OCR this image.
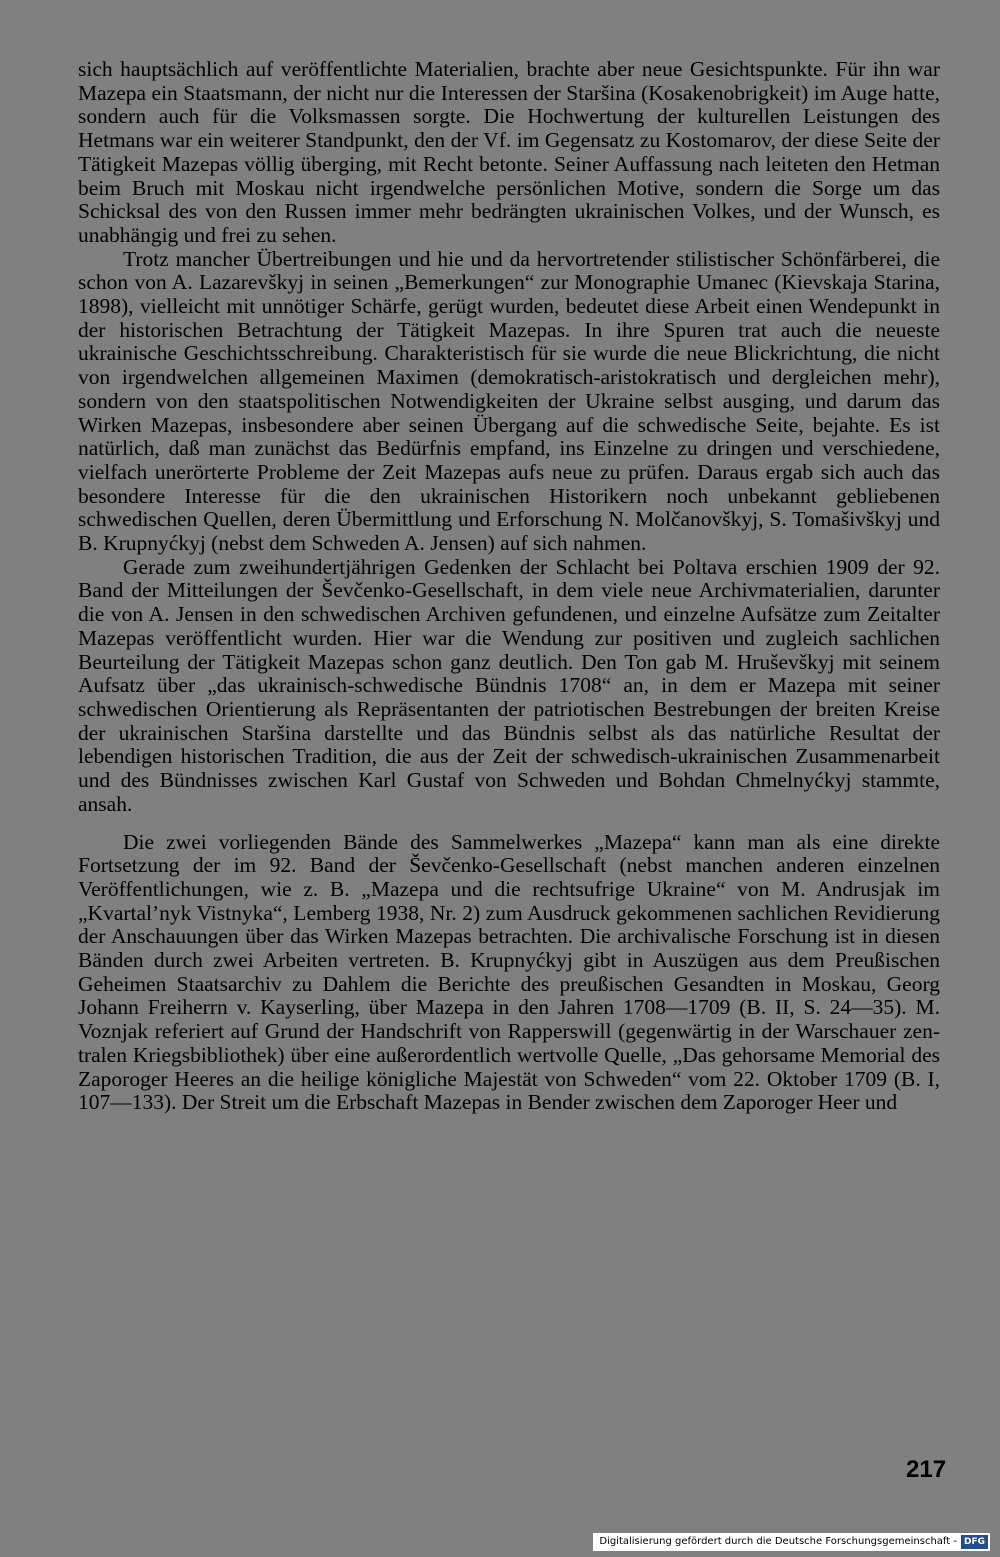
sich hauptsächlich auf veröffentlichte Materialien, brachte aber neue Gesichtspunkte. Für ihn war Mazepa ein Staatsmann, der nicht nur die Interessen der Staršina (Kosakenobrigkeit) im Auge hatte, sondern auch für die Volksmassen sorgte. Die Hochwertung der kulturellen Leistungen des Hetmans war ein weiterer Standpunkt, den der Vf. im Gegensatz zu Kostomarov, der diese Seite der Tätigkeit Mazepas völlig überging, mit Recht betonte. Seiner Auffassung nach leiteten den Hetman beim Bruch mit Moskau nicht irgendwelche persönlichen Motive, sondern die Sorge um das Schicksal des von den Russen immer mehr bedrängten ukrainischen Volkes, und der Wunsch, es unabhängig und frei zu sehen.

Trotz mancher Übertreibungen und hie und da hervortretender stilistischer Schönfärberei, die schon von A. Lazarevškyj in seinen „Bemerkungen“ zur Monographie Umanec (Kievskaja Starina, 1898), vielleicht mit unnötiger Schärfe, gerügt wurden, bedeutet diese Arbeit einen Wendepunkt in der historischen Betrachtung der Tätigkeit Mazepas. In ihre Spuren trat auch die neueste ukrainische Geschichtsschreibung. Charakteristisch für sie wurde die neue Blickrichtung, die nicht von irgendwelchen allgemeinen Maximen (demokratisch-aristokratisch und dergleichen mehr), sondern von den staatspolitischen Notwendigkeiten der Ukraine selbst ausging, und darum das Wirken Mazepas, insbesondere aber seinen Übergang auf die schwedische Seite, bejahte. Es ist natürlich, daß man zunächst das Bedürfnis empfand, ins Einzelne zu dringen und verschiedene, vielfach unerörterte Probleme der Zeit Mazepas aufs neue zu prüfen. Daraus ergab sich auch das besondere Interesse für die den ukrainischen Historikern noch unbekannt gebliebenen schwedischen Quellen, deren Übermittlung und Erforschung N. Molčanovškyj, S. Tomašivškyj und B. Krupnyćkyj (nebst dem Schweden A. Jensen) auf sich nahmen.

Gerade zum zweihundertjährigen Gedenken der Schlacht bei Poltava erschien 1909 der 92. Band der Mitteilungen der Ševčenko-Gesellschaft, in dem viele neue Archivmaterialien, darunter die von A. Jensen in den schwedischen Archiven gefundenen, und einzelne Aufsätze zum Zeitalter Mazepas veröffentlicht wurden. Hier war die Wendung zur positiven und zugleich sachlichen Beurteilung der Tätigkeit Mazepas schon ganz deutlich. Den Ton gab M. Hruševškyj mit seinem Aufsatz über „das ukrainisch-schwedische Bündnis 1708“ an, in dem er Mazepa mit seiner schwedischen Orientierung als Repräsentanten der patriotischen Bestrebungen der breiten Kreise der ukrainischen Staršina darstellte und das Bündnis selbst als das natürliche Resultat der lebendigen historischen Tradition, die aus der Zeit der schwedisch-ukrainischen Zusammenarbeit und des Bündnisses zwischen Karl Gustaf von Schweden und Bohdan Chmelnyćkyj stammte, ansah.

Die zwei vorliegenden Bände des Sammelwerkes „Mazepa“ kann man als eine direkte Fortsetzung der im 92. Band der Ševčenko-Gesellschaft (nebst manchen anderen einzelnen Veröffentlichungen, wie z. B. „Mazepa und die rechtsufrige Ukraine“ von M. Andrusjak im „Kvartal’nyk Vistnyka“, Lemberg 1938, Nr. 2) zum Ausdruck gekommenen sachlichen Revidierung der Anschauungen über das Wirken Mazepas betrachten. Die archivalische Forschung ist in diesen Bänden durch zwei Arbeiten vertreten. B. Krupnyćkyj gibt in Auszügen aus dem Preußischen Geheimen Staatsarchiv zu Dahlem die Berichte des preußischen Gesandten in Moskau, Georg Johann Freiherrn v. Kayserling, über Mazepa in den Jahren 1708—1709 (B. II, S. 24—35). M. Voznjak referiert auf Grund der Handschrift von Rapperswill (gegenwärtig in der Warschauer zentralen Kriegsbibliothek) über eine außerordentlich wertvolle Quelle, „Das gehorsame Memorial des Zaporoger Heeres an die heilige königliche Majestät von Schweden“ vom 22. Oktober 1709 (B. I, 107—133). Der Streit um die Erbschaft Mazepas in Bender zwischen dem Zaporoger Heer und

217
Digitalisierung gefördert durch die Deutsche Forschungsgemeinschaft - DFG
